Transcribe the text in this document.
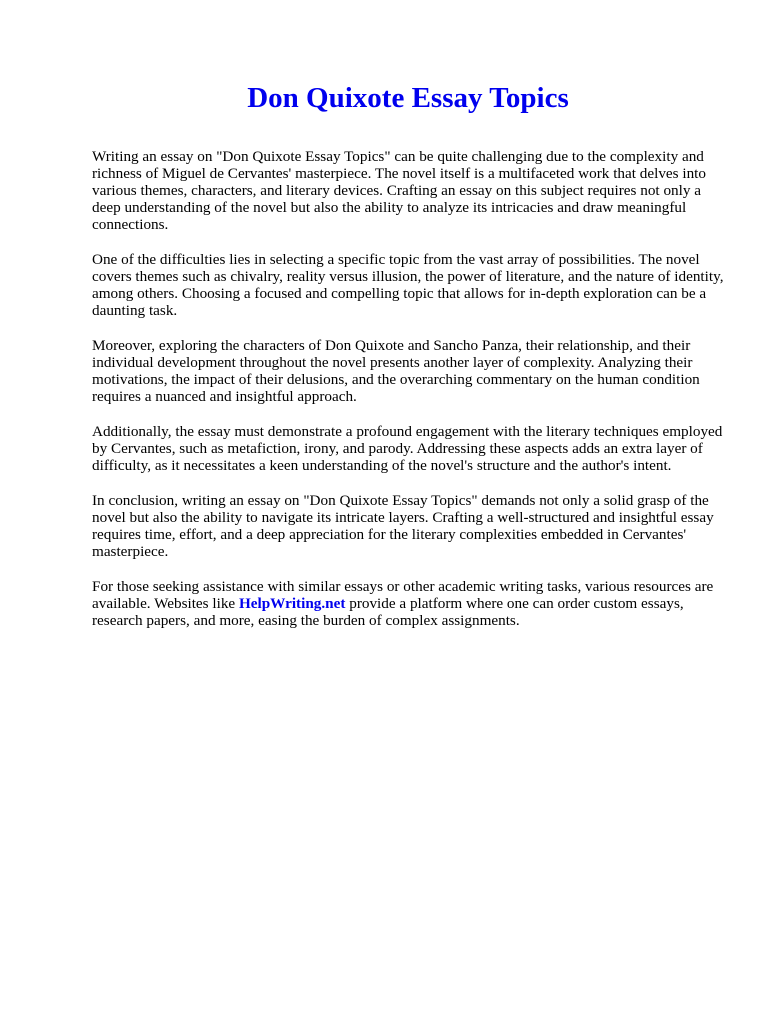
Don Quixote Essay Topics

Writing an essay on "Don Quixote Essay Topics" can be quite challenging due to the complexity and richness of Miguel de Cervantes' masterpiece. The novel itself is a multifaceted work that delves into various themes, characters, and literary devices. Crafting an essay on this subject requires not only a deep understanding of the novel but also the ability to analyze its intricacies and draw meaningful connections.

One of the difficulties lies in selecting a specific topic from the vast array of possibilities. The novel covers themes such as chivalry, reality versus illusion, the power of literature, and the nature of identity, among others. Choosing a focused and compelling topic that allows for in-depth exploration can be a daunting task.

Moreover, exploring the characters of Don Quixote and Sancho Panza, their relationship, and their individual development throughout the novel presents another layer of complexity. Analyzing their motivations, the impact of their delusions, and the overarching commentary on the human condition requires a nuanced and insightful approach.

Additionally, the essay must demonstrate a profound engagement with the literary techniques employed by Cervantes, such as metafiction, irony, and parody. Addressing these aspects adds an extra layer of difficulty, as it necessitates a keen understanding of the novel's structure and the author's intent.

In conclusion, writing an essay on "Don Quixote Essay Topics" demands not only a solid grasp of the novel but also the ability to navigate its intricate layers. Crafting a well-structured and insightful essay requires time, effort, and a deep appreciation for the literary complexities embedded in Cervantes' masterpiece.

For those seeking assistance with similar essays or other academic writing tasks, various resources are available. Websites like HelpWriting.net provide a platform where one can order custom essays, research papers, and more, easing the burden of complex assignments.
